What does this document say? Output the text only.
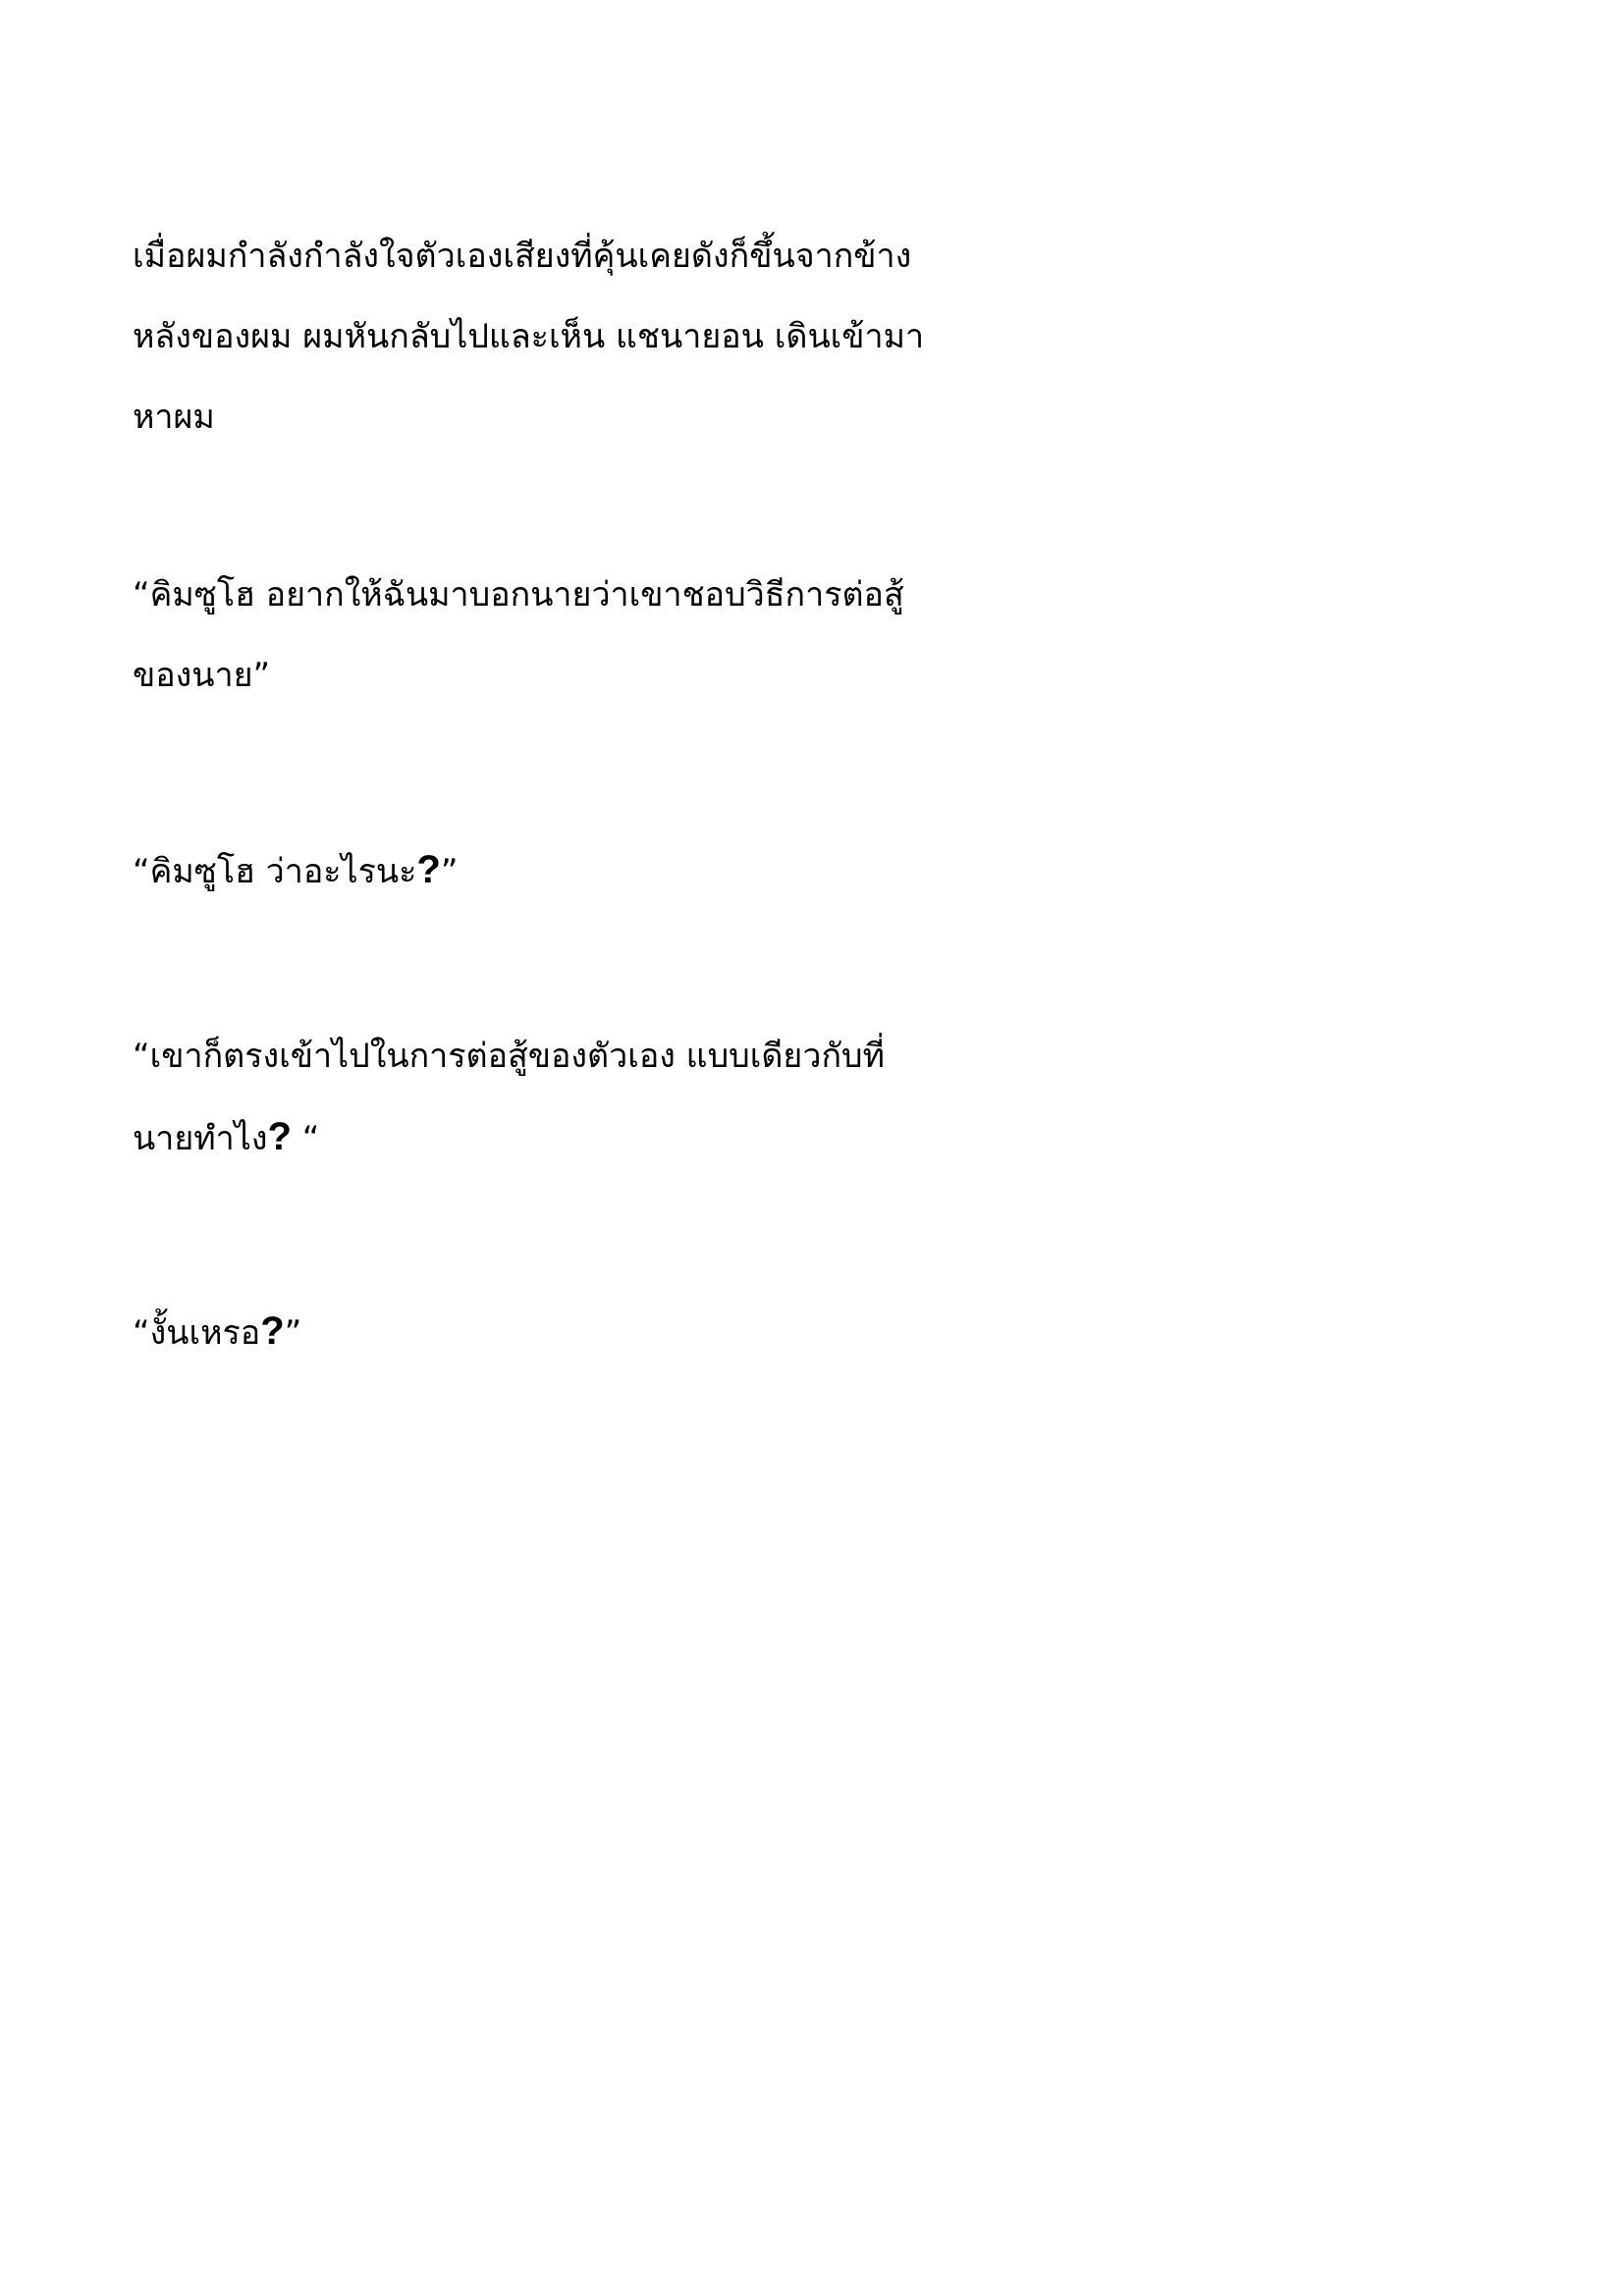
เมื่อผมกำลังกำลังใจตัวเองเสียงที่คุ้นเคยดังก็ขึ้นจากข้าง
หลังของผม ผมหันกลับไปและเห็น แชนายอน เดินเข้ามา
หาผม

“คิมซูโฮ อยากให้ฉันมาบอกนายว่าเขาชอบวิธีการต่อสู้
ของนาย”

“คิมซูโฮ ว่าอะไรนะ?”

“เขาก็ตรงเข้าไปในการต่อสู้ของตัวเอง แบบเดียวกับที่
นายทำไง? “

“งั้นเหรอ?”
